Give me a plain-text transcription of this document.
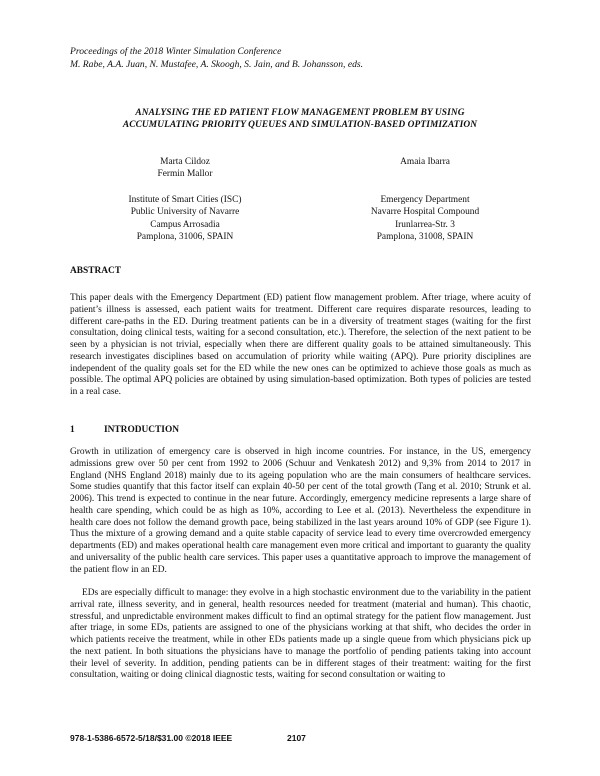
Proceedings of the 2018 Winter Simulation Conference
M. Rabe, A.A. Juan, N. Mustafee, A. Skoogh, S. Jain, and B. Johansson, eds.
ANALYSING THE ED PATIENT FLOW MANAGEMENT PROBLEM BY USING
ACCUMULATING PRIORITY QUEUES AND SIMULATION-BASED OPTIMIZATION
Marta Cildoz
Fermin Mallor
Amaia Ibarra
Institute of Smart Cities (ISC)
Public University of Navarre
Campus Arrosadia
Pamplona, 31006, SPAIN
Emergency Department
Navarre Hospital Compound
Irunlarrea-Str. 3
Pamplona, 31008, SPAIN
ABSTRACT
This paper deals with the Emergency Department (ED) patient flow management problem. After triage, where acuity of patient’s illness is assessed, each patient waits for treatment. Different care requires disparate resources, leading to different care-paths in the ED. During treatment patients can be in a diversity of treatment stages (waiting for the first consultation, doing clinical tests, waiting for a second consultation, etc.). Therefore, the selection of the next patient to be seen by a physician is not trivial, especially when there are different quality goals to be attained simultaneously. This research investigates disciplines based on accumulation of priority while waiting (APQ). Pure priority disciplines are independent of the quality goals set for the ED while the new ones can be optimized to achieve those goals as much as possible. The optimal APQ policies are obtained by using simulation-based optimization. Both types of policies are tested in a real case.
1	INTRODUCTION
Growth in utilization of emergency care is observed in high income countries. For instance, in the US, emergency admissions grew over 50 per cent from 1992 to 2006 (Schuur and Venkatesh 2012) and 9,3% from 2014 to 2017 in England (NHS England 2018) mainly due to its ageing population who are the main consumers of healthcare services. Some studies quantify that this factor itself can explain 40-50 per cent of the total growth (Tang et al. 2010; Strunk et al. 2006). This trend is expected to continue in the near future. Accordingly, emergency medicine represents a large share of health care spending, which could be as high as 10%, according to Lee et al. (2013). Nevertheless the expenditure in health care does not follow the demand growth pace, being stabilized in the last years around 10% of GDP (see Figure 1). Thus the mixture of a growing demand and a quite stable capacity of service lead to every time overcrowded emergency departments (ED) and makes operational health care management even more critical and important to guaranty the quality and universality of the public health care services. This paper uses a quantitative approach to improve the management of the patient flow in an ED.
EDs are especially difficult to manage: they evolve in a high stochastic environment due to the variability in the patient arrival rate, illness severity, and in general, health resources needed for treatment (material and human). This chaotic, stressful, and unpredictable environment makes difficult to find an optimal strategy for the patient flow management. Just after triage, in some EDs, patients are assigned to one of the physicians working at that shift, who decides the order in which patients receive the treatment, while in other EDs patients made up a single queue from which physicians pick up the next patient. In both situations the physicians have to manage the portfolio of pending patients taking into account their level of severity. In addition, pending patients can be in different stages of their treatment: waiting for the first consultation, waiting or doing clinical diagnostic tests, waiting for second consultation or waiting to
978-1-5386-6572-5/18/$31.00 ©2018 IEEE	2107
